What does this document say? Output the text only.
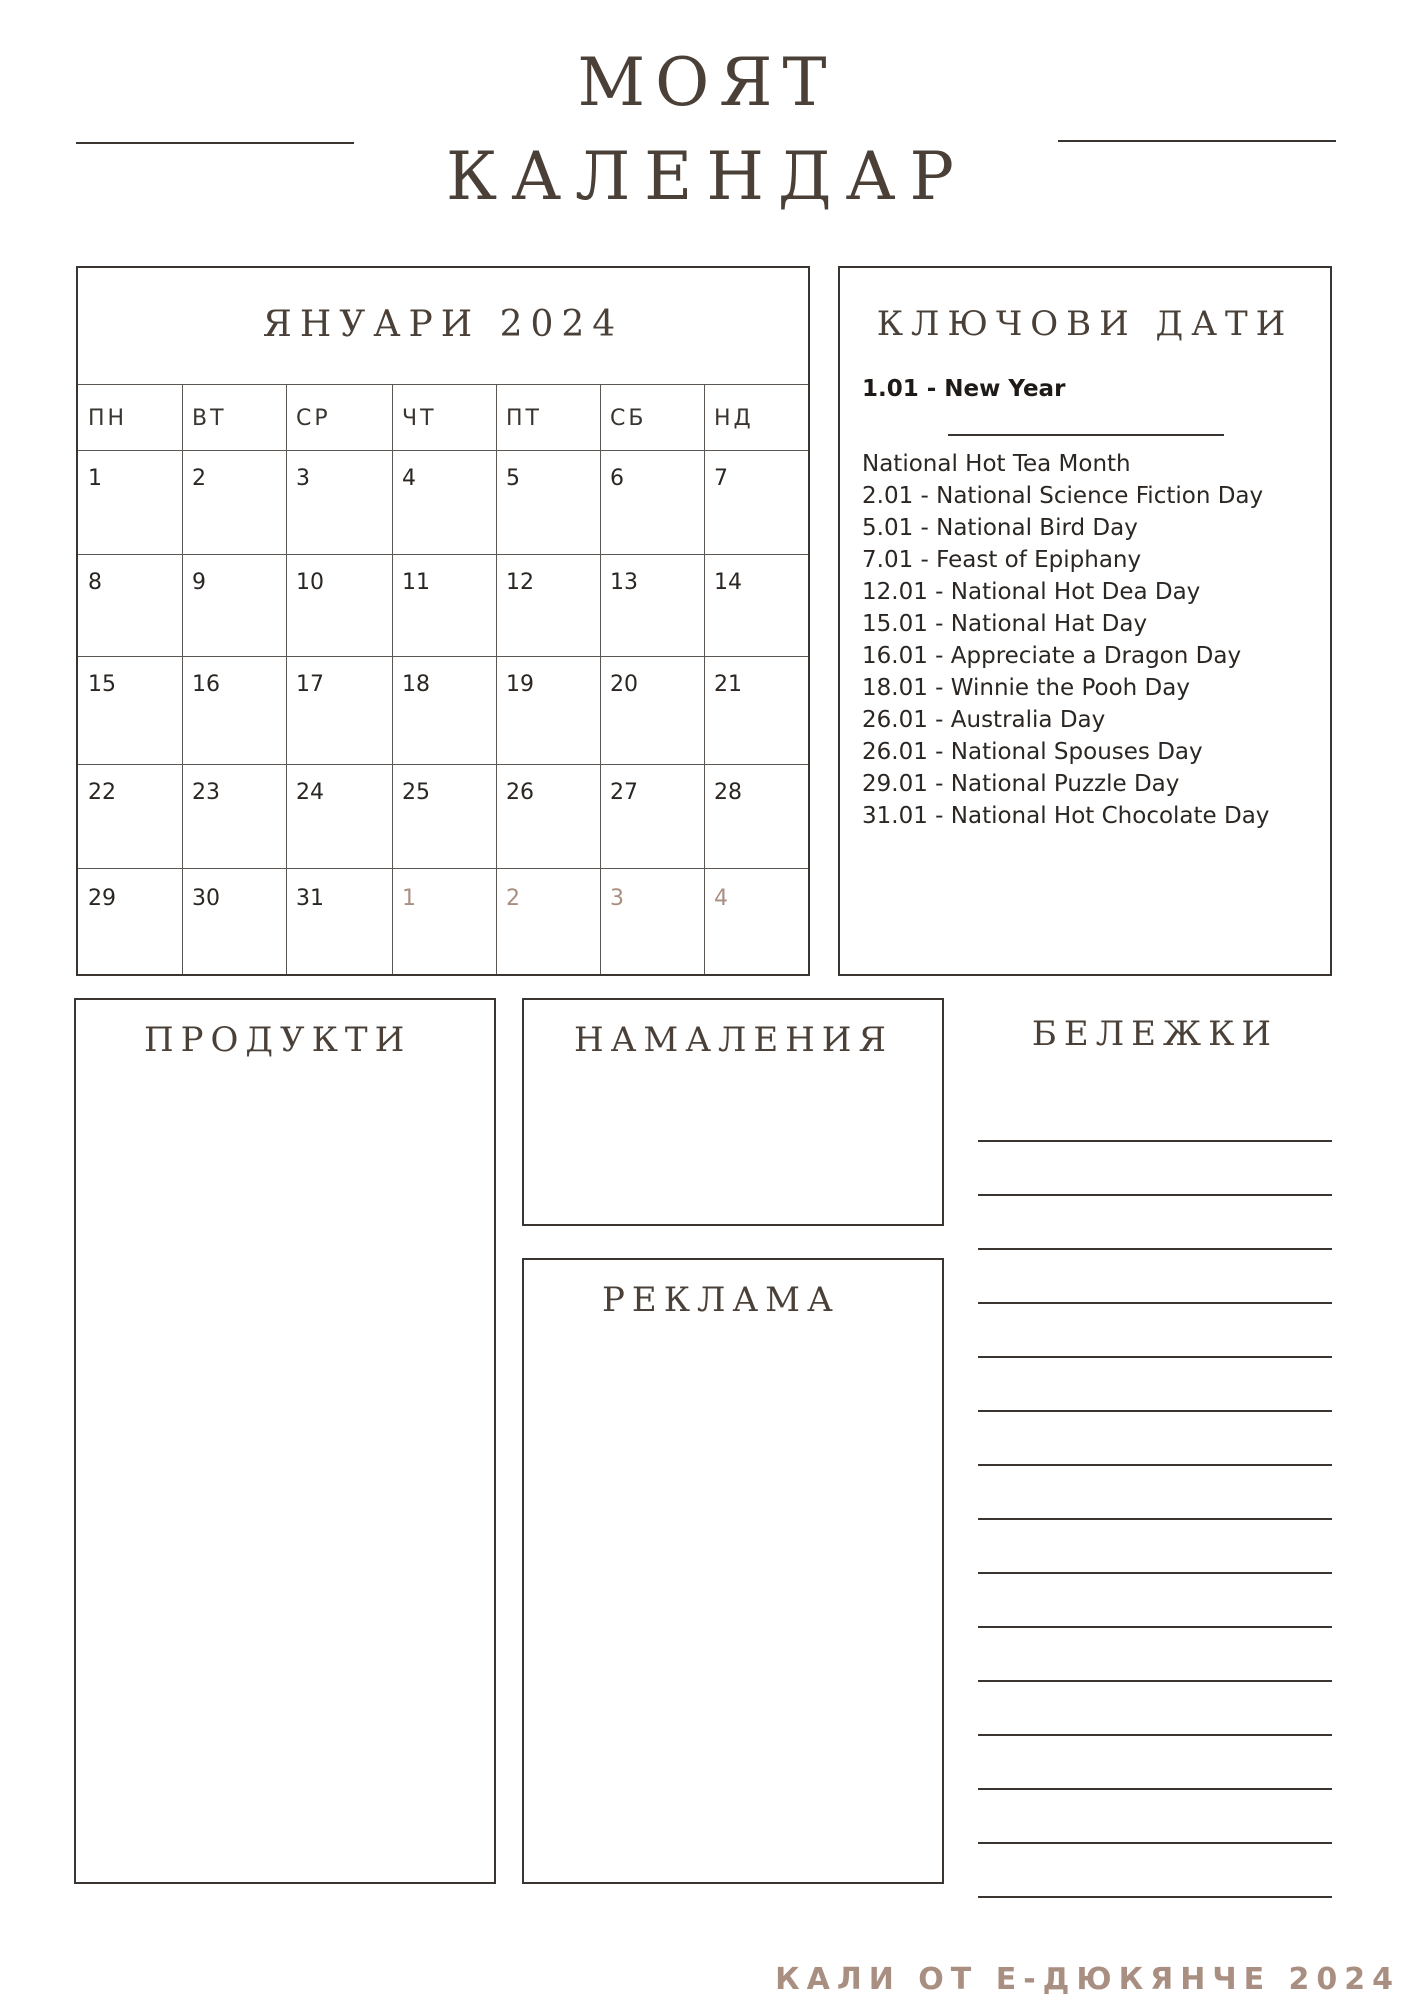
МОЯТ
КАЛЕНДАР
ЯНУАРИ 2024
ПН	ВТ	СР	ЧТ	ПТ	СБ	НД
1	2	3	4	5	6	7
8	9	10	11	12	13	14
15	16	17	18	19	20	21
22	23	24	25	26	27	28
29	30	31	1	2	3	4
КЛЮЧОВИ ДАТИ
1.01 - New Year
National Hot Tea Month
2.01 - National Science Fiction Day
5.01 - National Bird Day
7.01 - Feast of Epiphany
12.01 - National Hot Dea Day
15.01 - National Hat Day
16.01 - Appreciate a Dragon Day
18.01 - Winnie the Pooh Day
26.01 - Australia Day
26.01 - National Spouses Day
29.01 - National Puzzle Day
31.01 - National Hot Chocolate Day
ПРОДУКТИ	НАМАЛЕНИЯ
РЕКЛАМА
БЕЛЕЖКИ
КАЛИ ОТ Е-ДЮКЯНЧЕ 2024
